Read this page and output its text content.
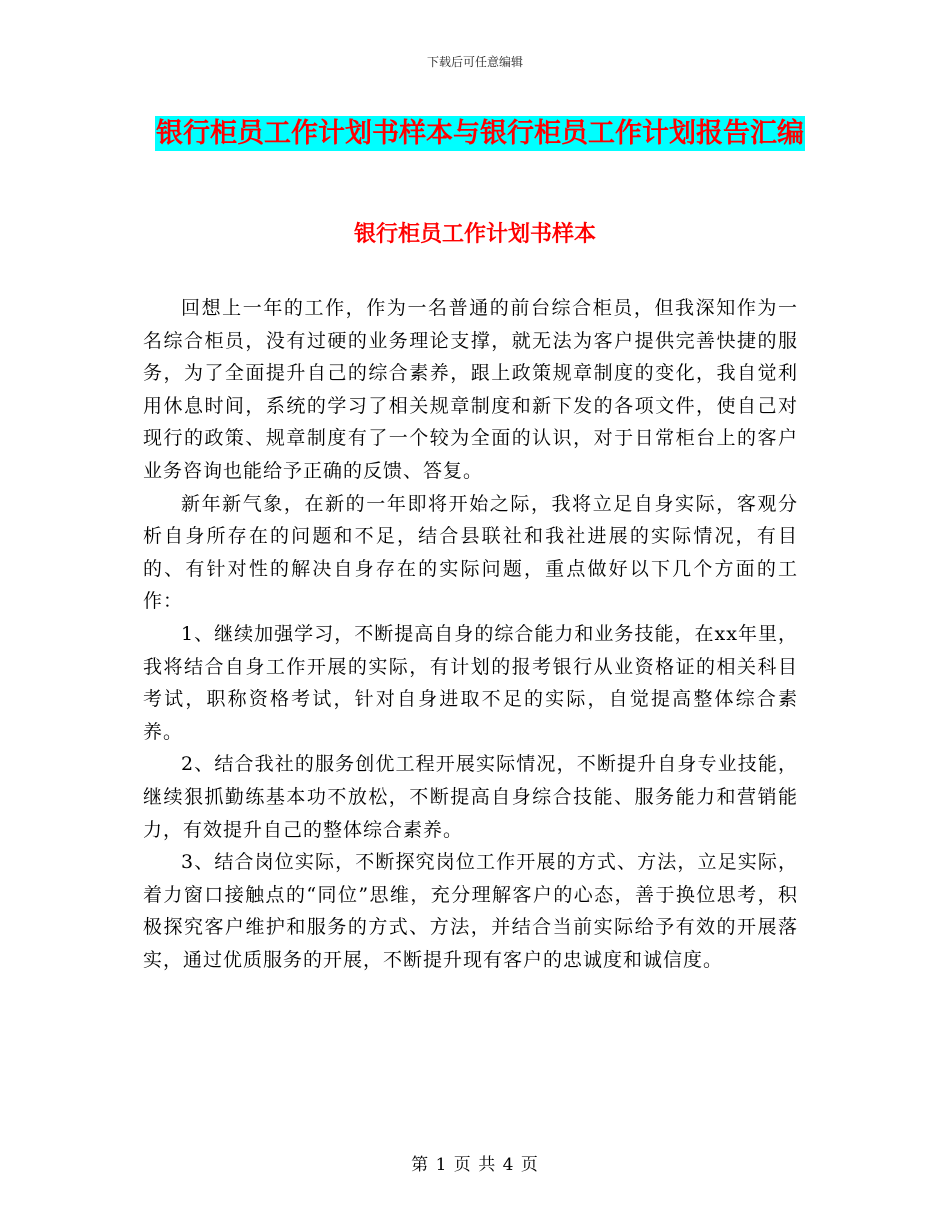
下载后可任意编辑
银行柜员工作计划书样本与银行柜员工作计划报告汇编
银行柜员工作计划书样本

回想上一年的工作，作为一名普通的前台综合柜员，但我深知作为一名综合柜员，没有过硬的业务理论支撑，就无法为客户提供完善快捷的服务，为了全面提升自己的综合素养，跟上政策规章制度的变化，我自觉利用休息时间，系统的学习了相关规章制度和新下发的各项文件，使自己对现行的政策、规章制度有了一个较为全面的认识，对于日常柜台上的客户业务咨询也能给予正确的反馈、答复。

新年新气象，在新的一年即将开始之际，我将立足自身实际，客观分析自身所存在的问题和不足，结合县联社和我社进展的实际情况，有目的、有针对性的解决自身存在的实际问题，重点做好以下几个方面的工作：

1、继续加强学习，不断提高自身的综合能力和业务技能，在xx年里，我将结合自身工作开展的实际，有计划的报考银行从业资格证的相关科目考试，职称资格考试，针对自身进取不足的实际，自觉提高整体综合素养。

2、结合我社的服务创优工程开展实际情况，不断提升自身专业技能，继续狠抓勤练基本功不放松，不断提高自身综合技能、服务能力和营销能力，有效提升自己的整体综合素养。

3、结合岗位实际，不断探究岗位工作开展的方式、方法，立足实际，着力窗口接触点的“同位”思维，充分理解客户的心态，善于换位思考，积极探究客户维护和服务的方式、方法，并结合当前实际给予有效的开展落实，通过优质服务的开展，不断提升现有客户的忠诚度和诚信度。

第 1 页 共 4 页
